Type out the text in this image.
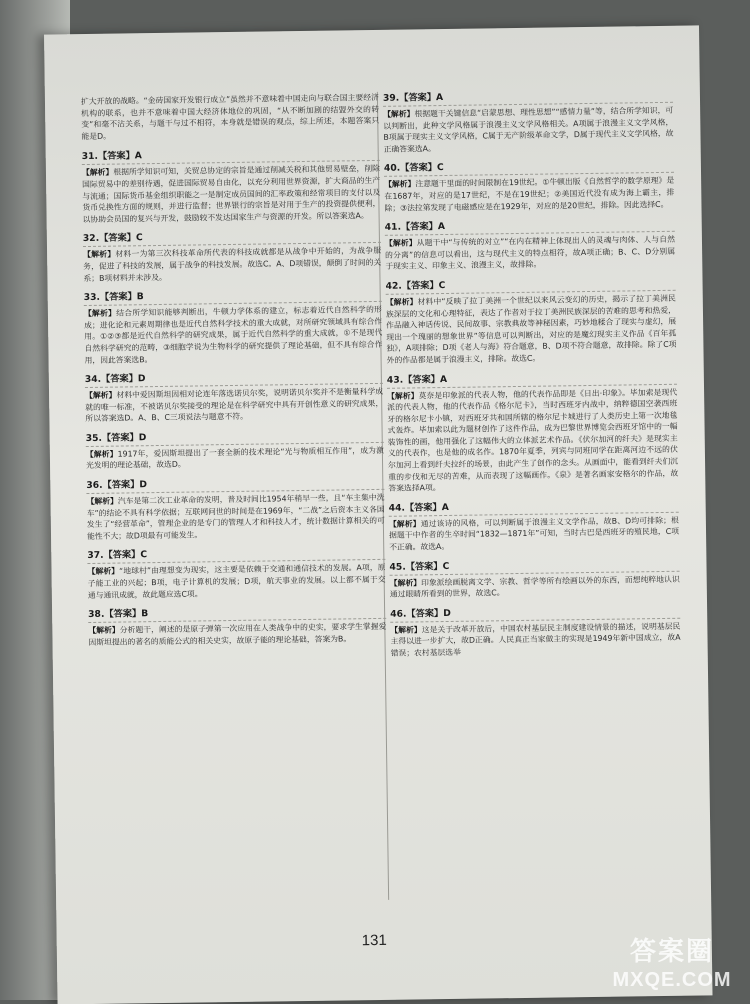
扩大开放的战略。“金砖国家开发银行成立”虽然并不意味着中国走向与联合国主要经济机构的联系，也并不意味着中国大经济体地位的巩固，“从不断加剧的结盟外交的转变”和毫不沾关系，与题干与过不相符，本身就是错误的观点，综上所述，本题答案只能是D。
31.【答案】A
【解析】根据所学知识可知，关贸总协定的宗旨是通过削减关税和其他贸易壁垒，削除国际贸易中的差别待遇，促进国际贸易自由化，以充分利用世界资源，扩大商品的生产与流通；国际货币基金组织职能之一是制定成员国间的汇率政策和经常项目的支付以及货币兑换性方面的规则，并进行监督；世界银行的宗旨是对用于生产的投资提供便利，以协助会员国的复兴与开发，鼓励较不发达国家生产与资源的开发。所以答案选A。
32.【答案】C
【解析】材料一为第三次科技革命所代表的科技成就都是从战争中开始的，为战争服务，促进了科技的发展，属于战争的科技发展。故选C。A、D项错误，颠倒了时间的关系；B项材料并未涉及。
33.【答案】B
【解析】结合所学知识能够判断出，牛顿力学体系的建立，标志着近代自然科学的形成；进化论和元素周期律也是近代自然科学技术的重大成就，对所研究领域具有综合作用。①②③都是近代自然科学的研究成果，属于近代自然科学的重大成就，①不是现代自然科学研究的范畴，③细胞学说为生物科学的研究提供了理论基础，但不具有综合作用，因此答案选B。
34.【答案】D
【解析】材料中爱因斯坦因相对论连年落选诺贝尔奖，说明诺贝尔奖并不是衡量科学成就的唯一标准，不被诺贝尔奖接受的理论是在科学研究中具有开创性意义的研究成果，所以答案选D。A、B、C三项说法与题意不符。
35.【答案】D
【解析】1917年，爱因斯坦提出了一套全新的技术理论“光与物质相互作用”，成为激光发明的理论基础，故选D。
36.【答案】D
【解析】汽车是第二次工业革命的发明，普及时间比1954年稍早一些，且“车主集中洗车”的结论不具有科学依据；互联网问世的时间是在1969年，“二战”之后资本主义各国发生了“经营革命”，管理企业的是专门的管理人才和科技人才，统计数据计算相关的可能性不大；故D项最有可能发生。
37.【答案】C
【解析】“地球村”由理想变为现实，这主要是依赖于交通和通信技术的发展。A项，原子能工业的兴起；B项，电子计算机的发展；D项，航天事业的发展。以上都不属于交通与通讯成就，故此题应选C项。
38.【答案】B
【解析】分析题干，阐述的是原子弹第一次应用在人类战争中的史实，要求学生掌握爱因斯坦提出的著名的质能公式的相关史实，故原子能的理论基础，答案为B。
39.【答案】A
【解析】根据题干关键信息“启蒙思想、理性思想”“感情力量”等，结合所学知识，可以判断出，此种文学风格属于浪漫主义文学风格相关。A项属于浪漫主义文学风格，B项属于现实主义文学风格，C属于无产阶级革命文学，D属于现代主义文学风格，故正确答案选A。
40.【答案】C
【解析】注意题干里面的时间限制在19世纪。①牛顿出版《自然哲学的数学原理》是在1687年，对应的是17世纪，不是在19世纪；②美国近代没有成为海上霸主，排除；③法拉第发现了电磁感应是在1929年，对应的是20世纪，排除。因此选择C。
41.【答案】A
【解析】从题干中“与传统的对立”“在内在精神上体现出人的灵魂与肉体、人与自然的分离”的信息可以看出，这与现代主义的特点相符，故A项正确；B、C、D分别属于现实主义、印象主义、浪漫主义，故排除。
42.【答案】C
【解析】材料中“反映了拉丁美洲一个世纪以来风云变幻的历史，揭示了拉丁美洲民族深层的文化和心理特征，表达了作者对于拉丁美洲民族深层的苦难的思考和热爱，作品融入神话传说、民间故事、宗教典故等神秘因素，巧妙地糅合了现实与虚幻，展现出一个瑰丽的想象世界”等信息可以判断出，对应的是魔幻现实主义作品《百年孤独》，A项排除；D项《老人与海》符合题意，B、D项不符合题意，故排除。除了C项外的作品都是属于浪漫主义，排除。故选C。
43.【答案】A
【解析】莫奈是印象派的代表人物，他的代表作品即是《日出·印象》。毕加索是现代派的代表人物，他的代表作品《格尔尼卡》，当时西班牙内战中，纳粹德国空袭西班牙的格尔尼卡小镇，对西班牙共和国所辖的格尔尼卡城进行了人类历史上第一次地毯式轰炸。毕加索以此为题材创作了这件作品，成为巴黎世界博览会西班牙馆中的一幅装饰性的画，他用强化了这幅伟大的立体派艺术作品。《伏尔加河的纤夫》是现实主义的代表作，也是他的成名作。1870年夏季，列宾与同班同学在距离河边不远的伏尔加河上看到纤夫拉纤的场景，由此产生了创作的念头。从画面中，能看到纤夫们沉重的步伐和无尽的苦难，从而表现了这幅画作。《泉》是著名画家安格尔的作品，故答案选择A项。
44.【答案】A
【解析】通过该诗的风格，可以判断属于浪漫主义文学作品，故B、D均可排除；根据题干中作者的生卒时间“1832—1871年”可知，当时古巴是西班牙的殖民地，C项不正确。故选A。
45.【答案】C
【解析】印象派绘画脱离文学、宗教、哲学等所有绘画以外的东西，而想纯粹地认识通过眼睛所看到的世界，故选C。
46.【答案】D
【解析】这是关于改革开放后，中国农村基层民主制度建设情景的描述，说明基层民主得以进一步扩大，故D正确。人民真正当家做主的实现是1949年新中国成立，故A错误；农村基层选举
131	答案圈
MXQE.COM
